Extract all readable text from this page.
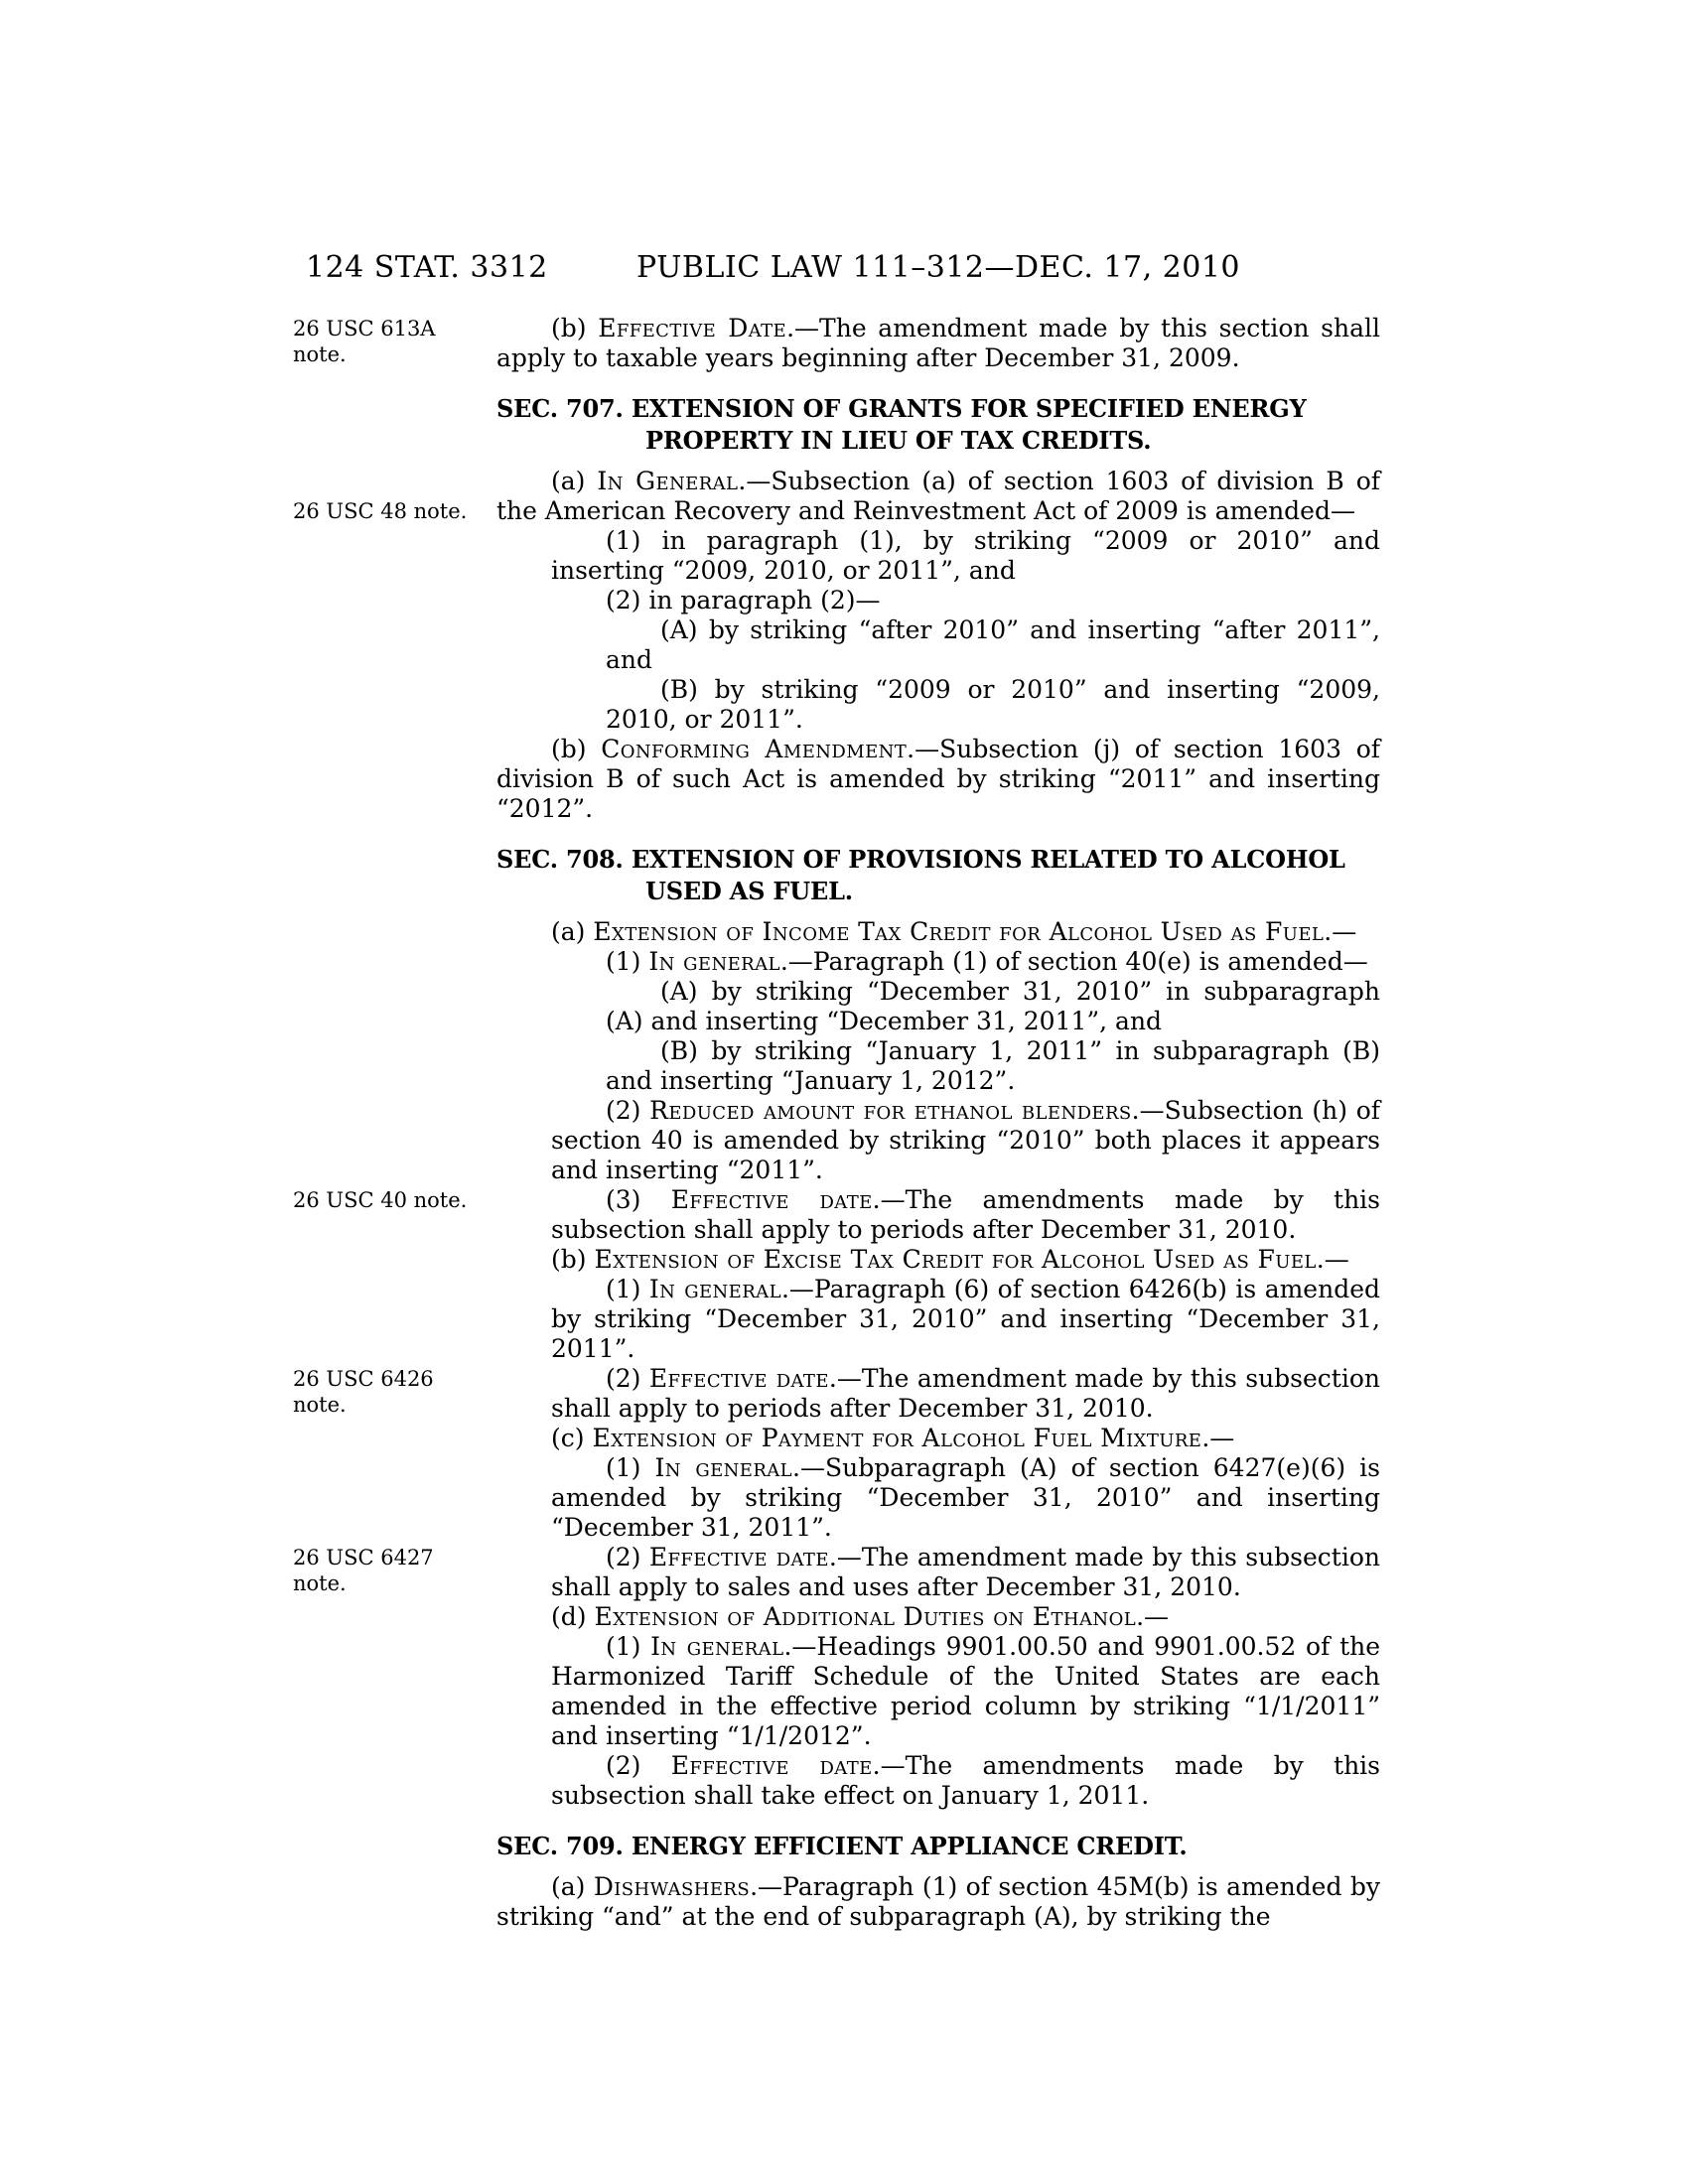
124 STAT. 3312	PUBLIC LAW 111–312—DEC. 17, 2010

26 USC 613A
note.
(b) Effective Date.—The amendment made by this section shall apply to taxable years beginning after December 31, 2009.

SEC. 707. EXTENSION OF GRANTS FOR SPECIFIED ENERGY PROPERTY IN LIEU OF TAX CREDITS.

26 USC 48 note.
(a) In General.—Subsection (a) of section 1603 of division B of the American Recovery and Reinvestment Act of 2009 is amended—

(1) in paragraph (1), by striking “2009 or 2010” and inserting “2009, 2010, or 2011”, and

(2) in paragraph (2)—

(A) by striking “after 2010” and inserting “after 2011”, and

(B) by striking “2009 or 2010” and inserting “2009, 2010, or 2011”.

(b) Conforming Amendment.—Subsection (j) of section 1603 of division B of such Act is amended by striking “2011” and inserting “2012”.

SEC. 708. EXTENSION OF PROVISIONS RELATED TO ALCOHOL USED AS FUEL.

(a) Extension of Income Tax Credit for Alcohol Used as Fuel.—

(1) In general.—Paragraph (1) of section 40(e) is amended—

(A) by striking “December 31, 2010” in subparagraph (A) and inserting “December 31, 2011”, and

(B) by striking “January 1, 2011” in subparagraph (B) and inserting “January 1, 2012”.

(2) Reduced amount for ethanol blenders.—Subsection (h) of section 40 is amended by striking “2010” both places it appears and inserting “2011”.

26 USC 40 note.	(3) Effective date.—The amendments made by this subsection shall apply to periods after December 31, 2010.

(b) Extension of Excise Tax Credit for Alcohol Used as Fuel.—

(1) In general.—Paragraph (6) of section 6426(b) is amended by striking “December 31, 2010” and inserting “December 31, 2011”.

26 USC 6426
note.
(2) Effective date.—The amendment made by this subsection shall apply to periods after December 31, 2010.

(c) Extension of Payment for Alcohol Fuel Mixture.—

(1) In general.—Subparagraph (A) of section 6427(e)(6) is amended by striking “December 31, 2010” and inserting “December 31, 2011”.

26 USC 6427
note.
(2) Effective date.—The amendment made by this subsection shall apply to sales and uses after December 31, 2010.

(d) Extension of Additional Duties on Ethanol.—

(1) In general.—Headings 9901.00.50 and 9901.00.52 of the Harmonized Tariff Schedule of the United States are each amended in the effective period column by striking “1/1/2011” and inserting “1/1/2012”.

(2) Effective date.—The amendments made by this subsection shall take effect on January 1, 2011.

SEC. 709. ENERGY EFFICIENT APPLIANCE CREDIT.

(a) Dishwashers.—Paragraph (1) of section 45M(b) is amended by striking “and” at the end of subparagraph (A), by striking the
